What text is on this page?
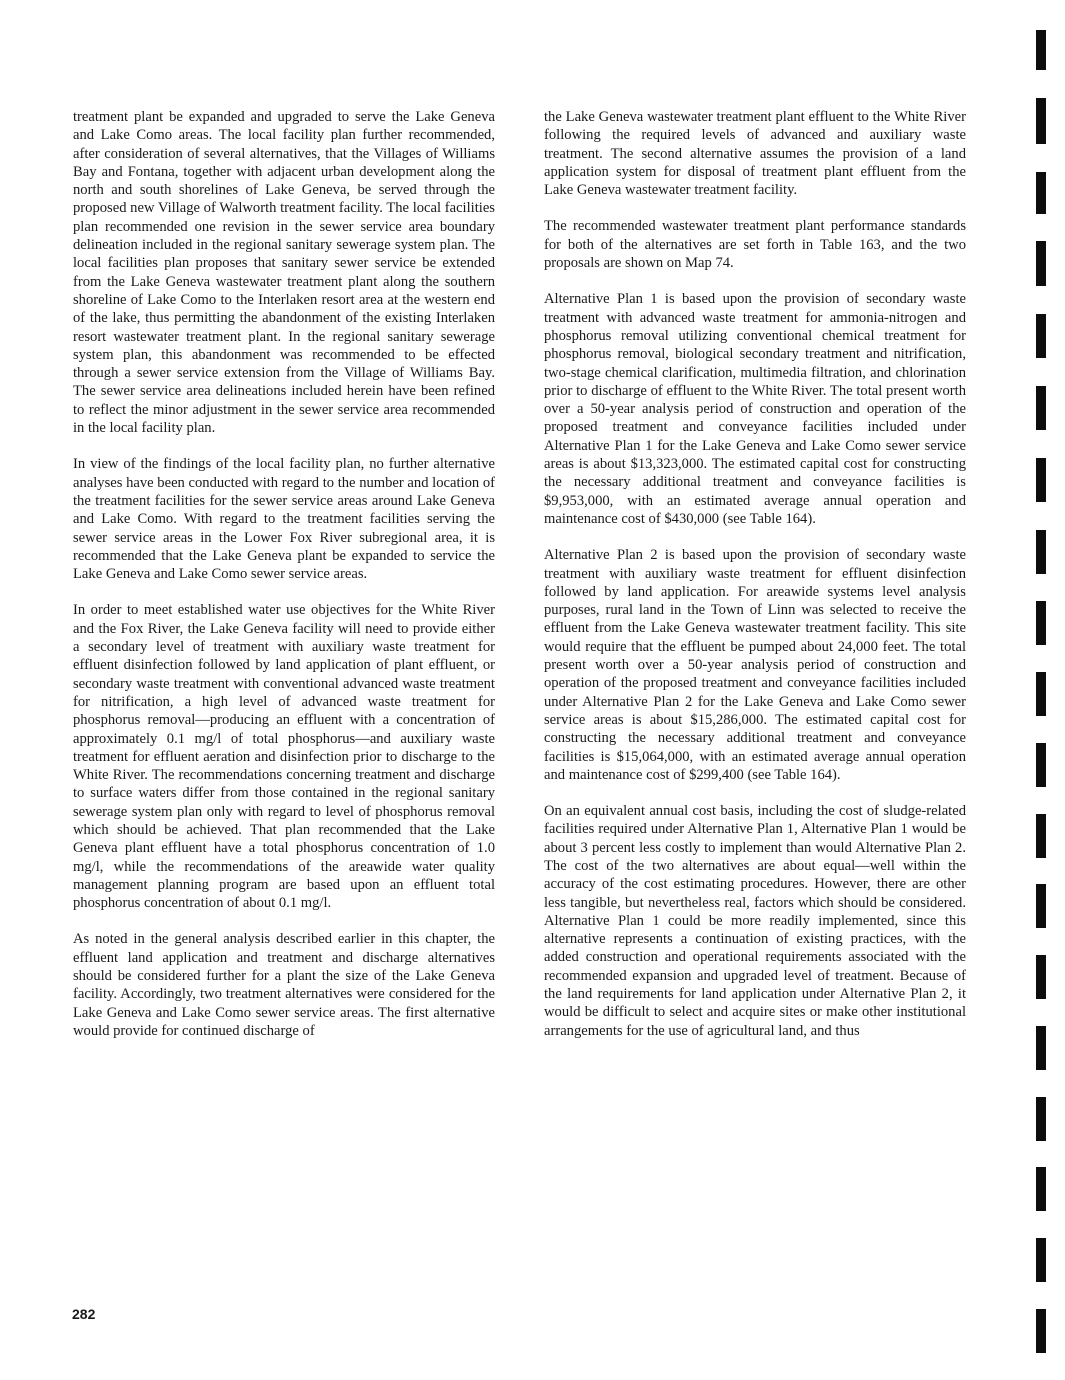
treatment plant be expanded and upgraded to serve the Lake Geneva and Lake Como areas. The local facility plan further recommended, after consideration of several alternatives, that the Villages of Williams Bay and Fontana, together with adjacent urban development along the north and south shorelines of Lake Geneva, be served through the proposed new Village of Walworth treatment facility. The local facilities plan recommended one revision in the sewer service area boundary delineation included in the regional sanitary sewerage system plan. The local facilities plan proposes that sanitary sewer service be extended from the Lake Geneva wastewater treatment plant along the southern shoreline of Lake Como to the Interlaken resort area at the western end of the lake, thus permitting the abandonment of the existing Interlaken resort wastewater treatment plant. In the regional sanitary sewerage system plan, this abandonment was recommended to be effected through a sewer service extension from the Village of Williams Bay. The sewer service area delineations included herein have been refined to reflect the minor adjustment in the sewer service area recommended in the local facility plan.

In view of the findings of the local facility plan, no further alternative analyses have been conducted with regard to the number and location of the treatment facilities for the sewer service areas around Lake Geneva and Lake Como. With regard to the treatment facilities serving the sewer service areas in the Lower Fox River subregional area, it is recommended that the Lake Geneva plant be expanded to service the Lake Geneva and Lake Como sewer service areas.

In order to meet established water use objectives for the White River and the Fox River, the Lake Geneva facility will need to provide either a secondary level of treatment with auxiliary waste treatment for effluent disinfection followed by land application of plant effluent, or secondary waste treatment with conventional advanced waste treatment for nitrification, a high level of advanced waste treatment for phosphorus removal—producing an effluent with a concentration of approximately 0.1 mg/l of total phosphorus—and auxiliary waste treatment for effluent aeration and disinfection prior to discharge to the White River. The recommendations concerning treatment and discharge to surface waters differ from those contained in the regional sanitary sewerage system plan only with regard to level of phosphorus removal which should be achieved. That plan recommended that the Lake Geneva plant effluent have a total phosphorus concentration of 1.0 mg/l, while the recommendations of the areawide water quality management planning program are based upon an effluent total phosphorus concentration of about 0.1 mg/l.

As noted in the general analysis described earlier in this chapter, the effluent land application and treatment and discharge alternatives should be considered further for a plant the size of the Lake Geneva facility. Accordingly, two treatment alternatives were considered for the Lake Geneva and Lake Como sewer service areas. The first alternative would provide for continued discharge of

the Lake Geneva wastewater treatment plant effluent to the White River following the required levels of advanced and auxiliary waste treatment. The second alternative assumes the provision of a land application system for disposal of treatment plant effluent from the Lake Geneva wastewater treatment facility.

The recommended wastewater treatment plant performance standards for both of the alternatives are set forth in Table 163, and the two proposals are shown on Map 74.

Alternative Plan 1 is based upon the provision of secondary waste treatment with advanced waste treatment for ammonia-nitrogen and phosphorus removal utilizing conventional chemical treatment for phosphorus removal, biological secondary treatment and nitrification, two-stage chemical clarification, multimedia filtration, and chlorination prior to discharge of effluent to the White River. The total present worth over a 50-year analysis period of construction and operation of the proposed treatment and conveyance facilities included under Alternative Plan 1 for the Lake Geneva and Lake Como sewer service areas is about $13,323,000. The estimated capital cost for constructing the necessary additional treatment and conveyance facilities is $9,953,000, with an estimated average annual operation and maintenance cost of $430,000 (see Table 164).

Alternative Plan 2 is based upon the provision of secondary waste treatment with auxiliary waste treatment for effluent disinfection followed by land application. For areawide systems level analysis purposes, rural land in the Town of Linn was selected to receive the effluent from the Lake Geneva wastewater treatment facility. This site would require that the effluent be pumped about 24,000 feet. The total present worth over a 50-year analysis period of construction and operation of the proposed treatment and conveyance facilities included under Alternative Plan 2 for the Lake Geneva and Lake Como sewer service areas is about $15,286,000. The estimated capital cost for constructing the necessary additional treatment and conveyance facilities is $15,064,000, with an estimated average annual operation and maintenance cost of $299,400 (see Table 164).

On an equivalent annual cost basis, including the cost of sludge-related facilities required under Alternative Plan 1, Alternative Plan 1 would be about 3 percent less costly to implement than would Alternative Plan 2. The cost of the two alternatives are about equal—well within the accuracy of the cost estimating procedures. However, there are other less tangible, but nevertheless real, factors which should be considered. Alternative Plan 1 could be more readily implemented, since this alternative represents a continuation of existing practices, with the added construction and operational requirements associated with the recommended expansion and upgraded level of treatment. Because of the land requirements for land application under Alternative Plan 2, it would be difficult to select and acquire sites or make other institutional arrangements for the use of agricultural land, and thus

282
